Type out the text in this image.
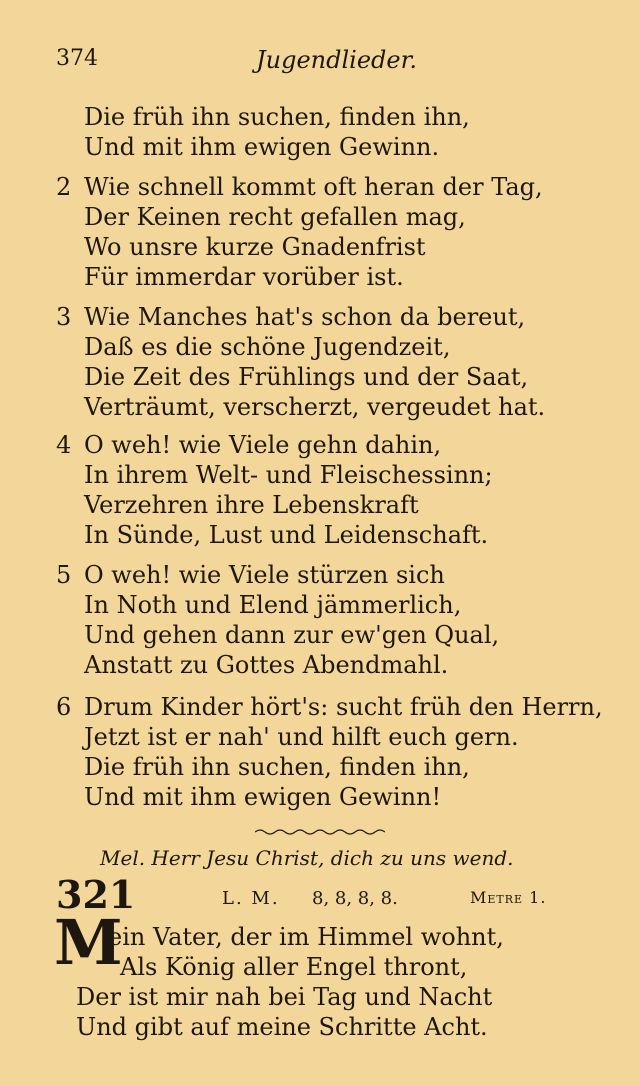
374	Jugendlieder.
Die früh ihn suchen, finden ihn,
Und mit ihm ewigen Gewinn.
2 Wie schnell kommt oft heran der Tag,
Der Keinen recht gefallen mag,
Wo unsre kurze Gnadenfrist
Für immerdar vorüber ist.
3 Wie Manches hat's schon da bereut,
Daß es die schöne Jugendzeit,
Die Zeit des Frühlings und der Saat,
Verträumt, verscherzt, vergeudet hat.
4 O weh! wie Viele gehn dahin,
In ihrem Welt- und Fleischessinn;
Verzehren ihre Lebenskraft
In Sünde, Lust und Leidenschaft.
5 O weh! wie Viele stürzen sich
In Noth und Elend jämmerlich,
Und gehen dann zur ew'gen Qual,
Anstatt zu Gottes Abendmahl.
6 Drum Kinder hört's: sucht früh den Herrn,
Jetzt ist er nah' und hilft euch gern.
Die früh ihn suchen, finden ihn,
Und mit ihm ewigen Gewinn!
Mel. Herr Jesu Christ, dich zu uns wend.
321	L. M. 8, 8, 8, 8.	Metre 1.
M
ein Vater, der im Himmel wohnt,
Als König aller Engel thront,
Der ist mir nah bei Tag und Nacht
Und gibt auf meine Schritte Acht.
